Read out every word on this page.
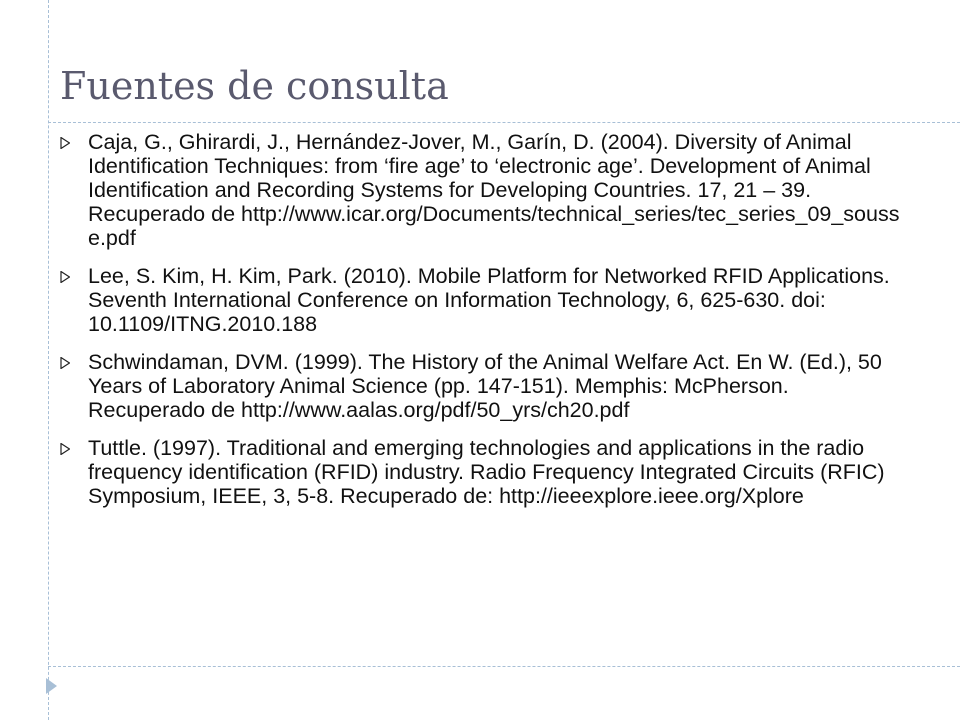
Fuentes de consulta
Caja, G., Ghirardi, J., Hernández-Jover, M., Garín, D. (2004). Diversity of Animal Identification Techniques: from ‘fire age’ to ‘electronic age’. Development of Animal Identification and Recording Systems for Developing Countries. 17, 21 – 39. Recuperado de http://www.icar.org/Documents/technical_series/tec_series_09_sousse.pdf
Lee, S. Kim, H. Kim, Park. (2010). Mobile Platform for Networked RFID Applications. Seventh International Conference on Information Technology, 6, 625-630. doi: 10.1109/ITNG.2010.188
Schwindaman, DVM. (1999). The History of the Animal Welfare Act. En W. (Ed.), 50 Years of Laboratory Animal Science (pp. 147-151). Memphis: McPherson. Recuperado de http://www.aalas.org/pdf/50_yrs/ch20.pdf
Tuttle. (1997). Traditional and emerging technologies and applications in the radio frequency identification (RFID) industry. Radio Frequency Integrated Circuits (RFIC) Symposium, IEEE, 3, 5-8. Recuperado de: http://ieeexplore.ieee.org/Xplore
